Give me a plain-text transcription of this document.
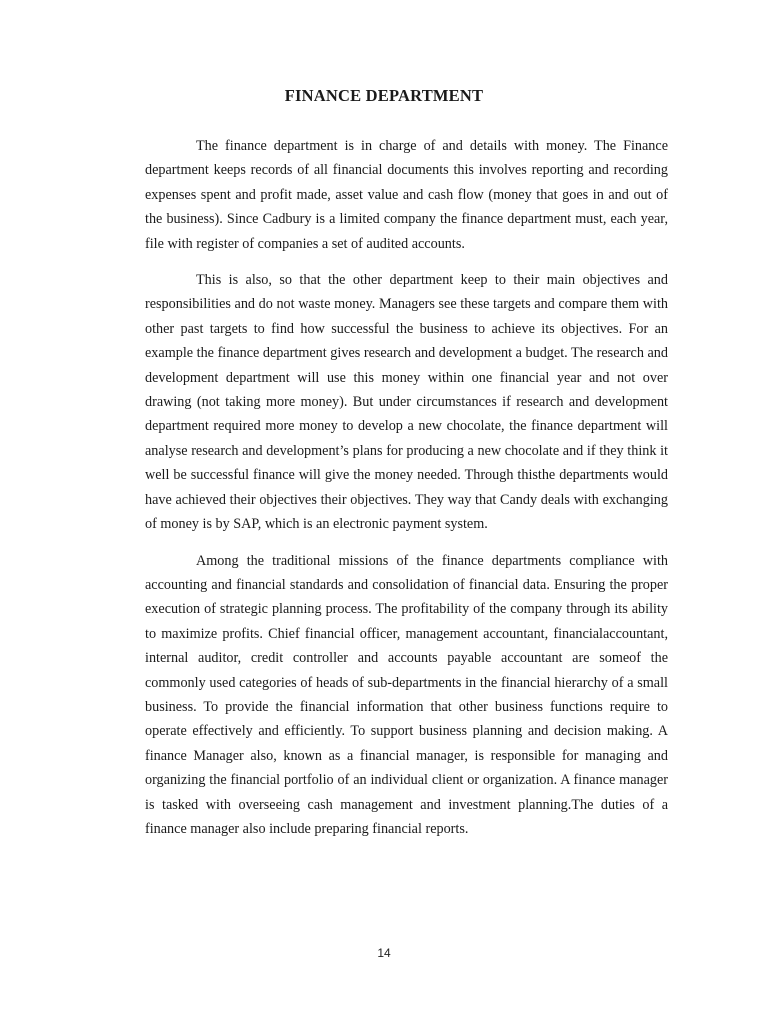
FINANCE DEPARTMENT

The finance department is in charge of and details with money. The Finance department keeps records of all financial documents this involves reporting and recording expenses spent and profit made, asset value and cash flow (money that goes in and out of the business). Since Cadbury is a limited company the finance department must, each year, file with register of companies a set of audited accounts.

This is also, so that the other department keep to their main objectives and responsibilities and do not waste money. Managers see these targets and compare them with other past targets to find how successful the business to achieve its objectives. For an example the finance department gives research and development a budget. The research and development department will use this money within one financial year and not over drawing (not taking more money). But under circumstances if research and development department required more money to develop a new chocolate, the finance department will analyse research and development’s plans for producing a new chocolate and if they think it well be successful finance will give the money needed. Through thisthe departments would have achieved their objectives their objectives. They way that Candy deals with exchanging of money is by SAP, which is an electronic payment system.

Among the traditional missions of the finance departments compliance with accounting and financial standards and consolidation of financial data. Ensuring the proper execution of strategic planning process. The profitability of the company through its ability to maximize profits. Chief financial officer, management accountant, financialaccountant, internal auditor, credit controller and accounts payable accountant are someof the commonly used categories of heads of sub-departments in the financial hierarchy of a small business. To provide the financial information that other business functions require to operate effectively and efficiently. To support business planning and decision making. A finance Manager also, known as a financial manager, is responsible for managing and organizing the financial portfolio of an individual client or organization. A finance manager is tasked with overseeing cash management and investment planning.The duties of a finance manager also include preparing financial reports.

14
